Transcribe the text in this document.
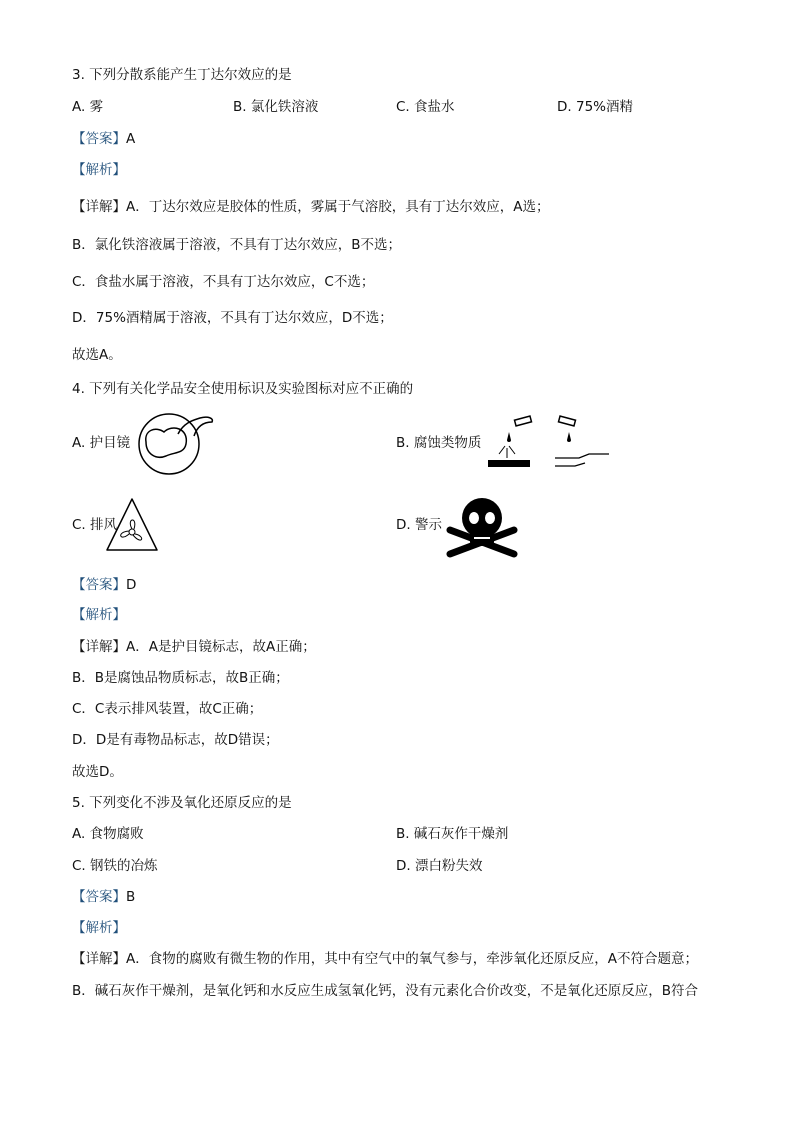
3. 下列分散系能产生丁达尔效应的是
A. 雾	B. 氯化铁溶液	C. 食盐水	D. 75%酒精
【答案】A
【解析】
【详解】A．丁达尔效应是胶体的性质，雾属于气溶胶，具有丁达尔效应，A选；
B．氯化铁溶液属于溶液，不具有丁达尔效应，B不选；
C．食盐水属于溶液，不具有丁达尔效应，C不选；
D．75%酒精属于溶液，不具有丁达尔效应，D不选；
故选A。
4. 下列有关化学品安全使用标识及实验图标对应不正确的
A. 护目镜	B. 腐蚀类物质
C. 排风	D. 警示
【答案】D
【解析】
【详解】A．A是护目镜标志，故A正确；
B．B是腐蚀品物质标志，故B正确；
C．C表示排风装置，故C正确；
D．D是有毒物品标志，故D错误；
故选D。
5. 下列变化不涉及氧化还原反应的是
A. 食物腐败	B. 碱石灰作干燥剂
C. 钢铁的冶炼	D. 漂白粉失效
【答案】B
【解析】
【详解】A．食物的腐败有微生物的作用，其中有空气中的氧气参与，牵涉氧化还原反应，A不符合题意；
B．碱石灰作干燥剂，是氧化钙和水反应生成氢氧化钙，没有元素化合价改变，不是氧化还原反应，B符合
